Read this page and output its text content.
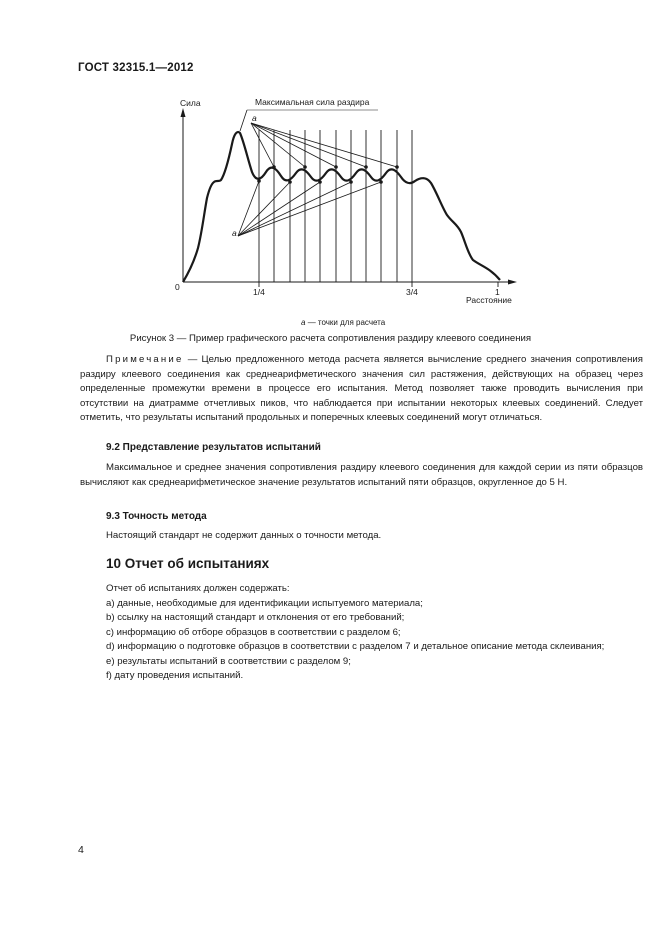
ГОСТ 32315.1—2012
Сила	Максимальная сила раздира
a
a
0	1/4	3/4	1
Расстояние
a — точки для расчета
Рисунок 3 — Пример графического расчета сопротивления раздиру клеевого соединения
Примечание — Целью предложенного метода расчета является вычисление среднего значения сопротивления раздиру клеевого соединения как среднеарифметического значения сил растяжения, действующих на образец через определенные промежутки времени в процессе его испытания. Метод позволяет также проводить вычисления при отсутствии на диатрамме отчетливых пиков, что наблюдается при испытании некоторых клеевых соединений. Следует отметить, что результаты испытаний продольных и поперечных клеевых соединений могут отличаться.
9.2 Представление результатов испытаний
Максимальное и среднее значения сопротивления раздиру клеевого соединения для каждой серии из пяти образцов вычисляют как среднеарифметическое значение результатов испытаний пяти образцов, округленное до 5 Н.
9.3 Точность метода
Настоящий стандарт не содержит данных о точности метода.
10 Отчет об испытаниях
Отчет об испытаниях должен содержать:
а) данные, необходимые для идентификации испытуемого материала;
b) ссылку на настоящий стандарт и отклонения от его требований;
c) информацию об отборе образцов в соответствии с разделом 6;
d) информацию о подготовке образцов в соответствии с разделом 7 и детальное описание метода склеивания;
e) результаты испытаний в соответствии с разделом 9;
f) дату проведения испытаний.
4
